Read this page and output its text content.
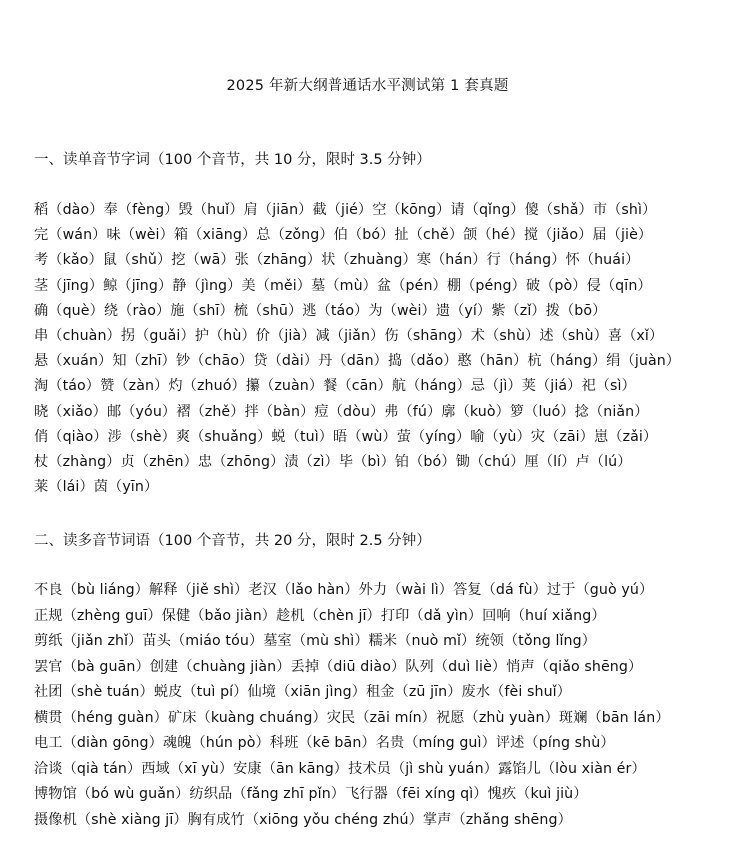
2025 年新大纲普通话水平测试第 1 套真题
一、读单音节字词（100 个音节，共 10 分，限时 3.5 分钟）
稻（dào）奉（fèng）毁（huǐ）肩（jiān）截（jié）空（kōng）请（qǐng）傻（shǎ）市（shì）
完（wán）味（wèi）箱（xiāng）总（zǒng）伯（bó）扯（chě）颌（hé）搅（jiǎo）届（jiè）
考（kǎo）鼠（shǔ）挖（wā）张（zhāng）状（zhuàng）寒（hán）行（háng）怀（huái）
茎（jīng）鲸（jīng）静（jìng）美（měi）墓（mù）盆（pén）棚（péng）破（pò）侵（qīn）
确（què）绕（rào）施（shī）梳（shū）逃（táo）为（wèi）遗（yí）紫（zǐ）拨（bō）
串（chuàn）拐（guǎi）护（hù）价（jià）减（jiǎn）伤（shāng）术（shù）述（shù）喜（xǐ）
悬（xuán）知（zhī）钞（chāo）贷（dài）丹（dān）捣（dǎo）憨（hān）杭（háng）绢（juàn）
淘（táo）赞（zàn）灼（zhuó）攥（zuàn）餐（cān）航（háng）忌（jì）荚（jiá）祀（sì）
晓（xiǎo）邮（yóu）褶（zhě）拌（bàn）痘（dòu）弗（fú）廓（kuò）箩（luó）捻（niǎn）
俏（qiào）涉（shè）爽（shuǎng）蜕（tuì）晤（wù）萤（yíng）喻（yù）灾（zāi）崽（zǎi）
杖（zhàng）贞（zhēn）忠（zhōng）渍（zì）毕（bì）铂（bó）锄（chú）厘（lí）卢（lú）
莱（lái）茵（yīn）
二、读多音节词语（100 个音节，共 20 分，限时 2.5 分钟）
不良（bù liáng）解释（jiě shì）老汉（lǎo hàn）外力（wài lì）答复（dá fù）过于（guò yú）
正规（zhèng guī）保健（bǎo jiàn）趁机（chèn jī）打印（dǎ yìn）回响（huí xiǎng）
剪纸（jiǎn zhǐ）苗头（miáo tóu）墓室（mù shì）糯米（nuò mǐ）统领（tǒng lǐng）
罢官（bà guān）创建（chuàng jiàn）丢掉（diū diào）队列（duì liè）悄声（qiǎo shēng）
社团（shè tuán）蜕皮（tuì pí）仙境（xiān jìng）租金（zū jīn）废水（fèi shuǐ）
横贯（héng guàn）矿床（kuàng chuáng）灾民（zāi mín）祝愿（zhù yuàn）斑斓（bān lán）
电工（diàn gōng）魂魄（hún pò）科班（kē bān）名贵（míng guì）评述（píng shù）
洽谈（qià tán）西域（xī yù）安康（ān kāng）技术员（jì shù yuán）露馅儿（lòu xiàn ér）
博物馆（bó wù guǎn）纺织品（fǎng zhī pǐn）飞行器（fēi xíng qì）愧疚（kuì jiù）
摄像机（shè xiàng jī）胸有成竹（xiōng yǒu chéng zhú）掌声（zhǎng shēng）
